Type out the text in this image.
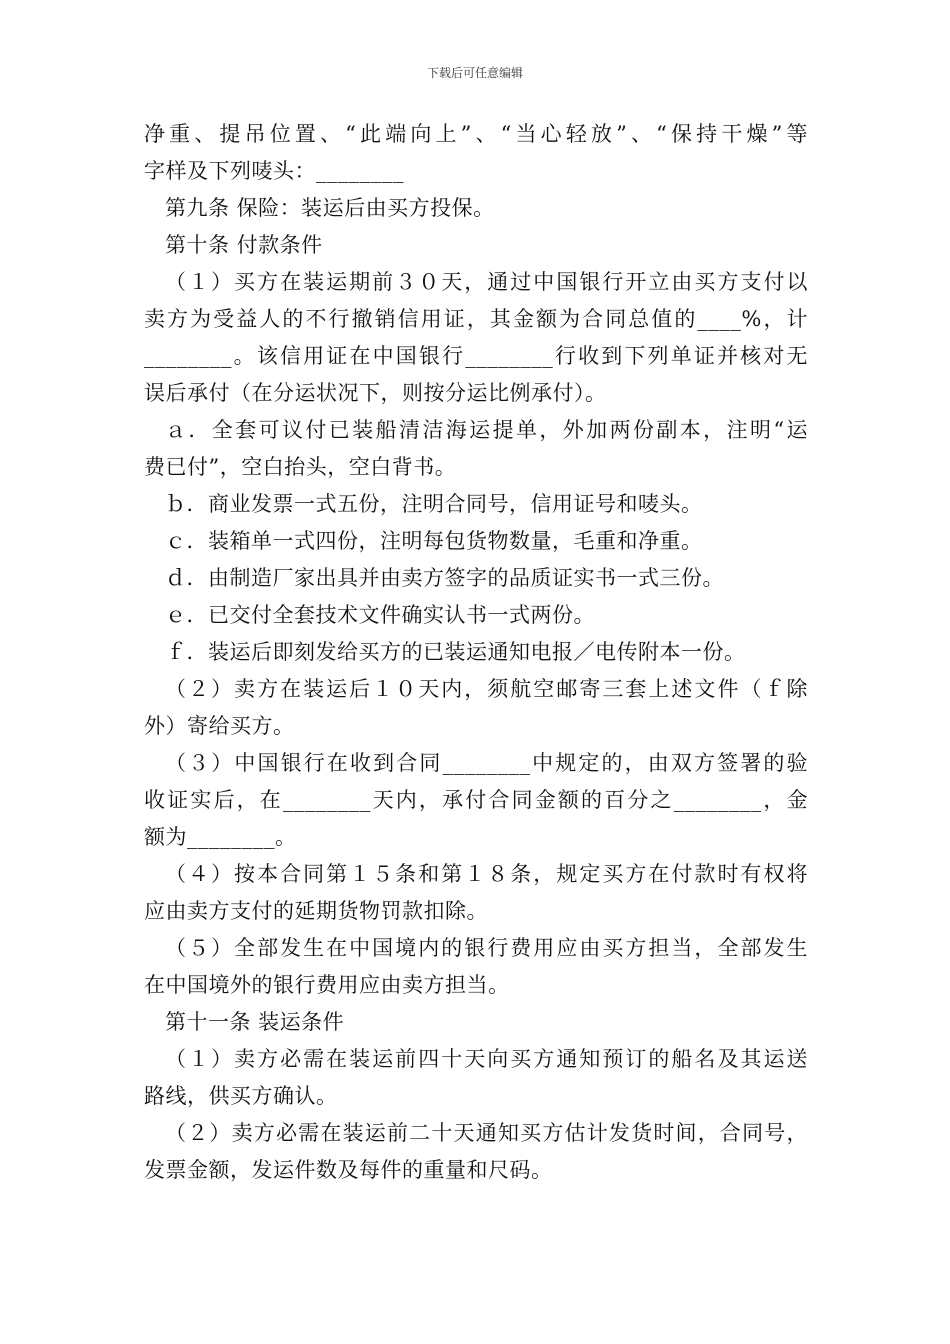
下载后可任意编辑
净重、提吊位置、“此端向上”、“当心轻放”、“保持干燥”等
字样及下列唛头：________
第九条 保险：装运后由买方投保。
第十条 付款条件
（１）买方在装运期前３０天，通过中国银行开立由买方支付以
卖方为受益人的不行撤销信用证，其金额为合同总值的____%，计
________。该信用证在中国银行________行收到下列单证并核对无
误后承付（在分运状况下，则按分运比例承付）。
ａ．全套可议付已装船清洁海运提单，外加两份副本，注明“运
费已付”，空白抬头，空白背书。
ｂ．商业发票一式五份，注明合同号，信用证号和唛头。
ｃ．装箱单一式四份，注明每包货物数量，毛重和净重。
ｄ．由制造厂家出具并由卖方签字的品质证实书一式三份。
ｅ．已交付全套技术文件确实认书一式两份。
ｆ．装运后即刻发给买方的已装运通知电报／电传附本一份。
（２）卖方在装运后１０天内，须航空邮寄三套上述文件（ｆ除
外）寄给买方。
（３）中国银行在收到合同________中规定的，由双方签署的验
收证实后，在________天内，承付合同金额的百分之________，金
额为________。
（４）按本合同第１５条和第１８条，规定买方在付款时有权将
应由卖方支付的延期货物罚款扣除。
（５）全部发生在中国境内的银行费用应由买方担当，全部发生
在中国境外的银行费用应由卖方担当。
第十一条 装运条件
（１）卖方必需在装运前四十天向买方通知预订的船名及其运送
路线，供买方确认。
（２）卖方必需在装运前二十天通知买方估计发货时间，合同号，
发票金额，发运件数及每件的重量和尺码。
